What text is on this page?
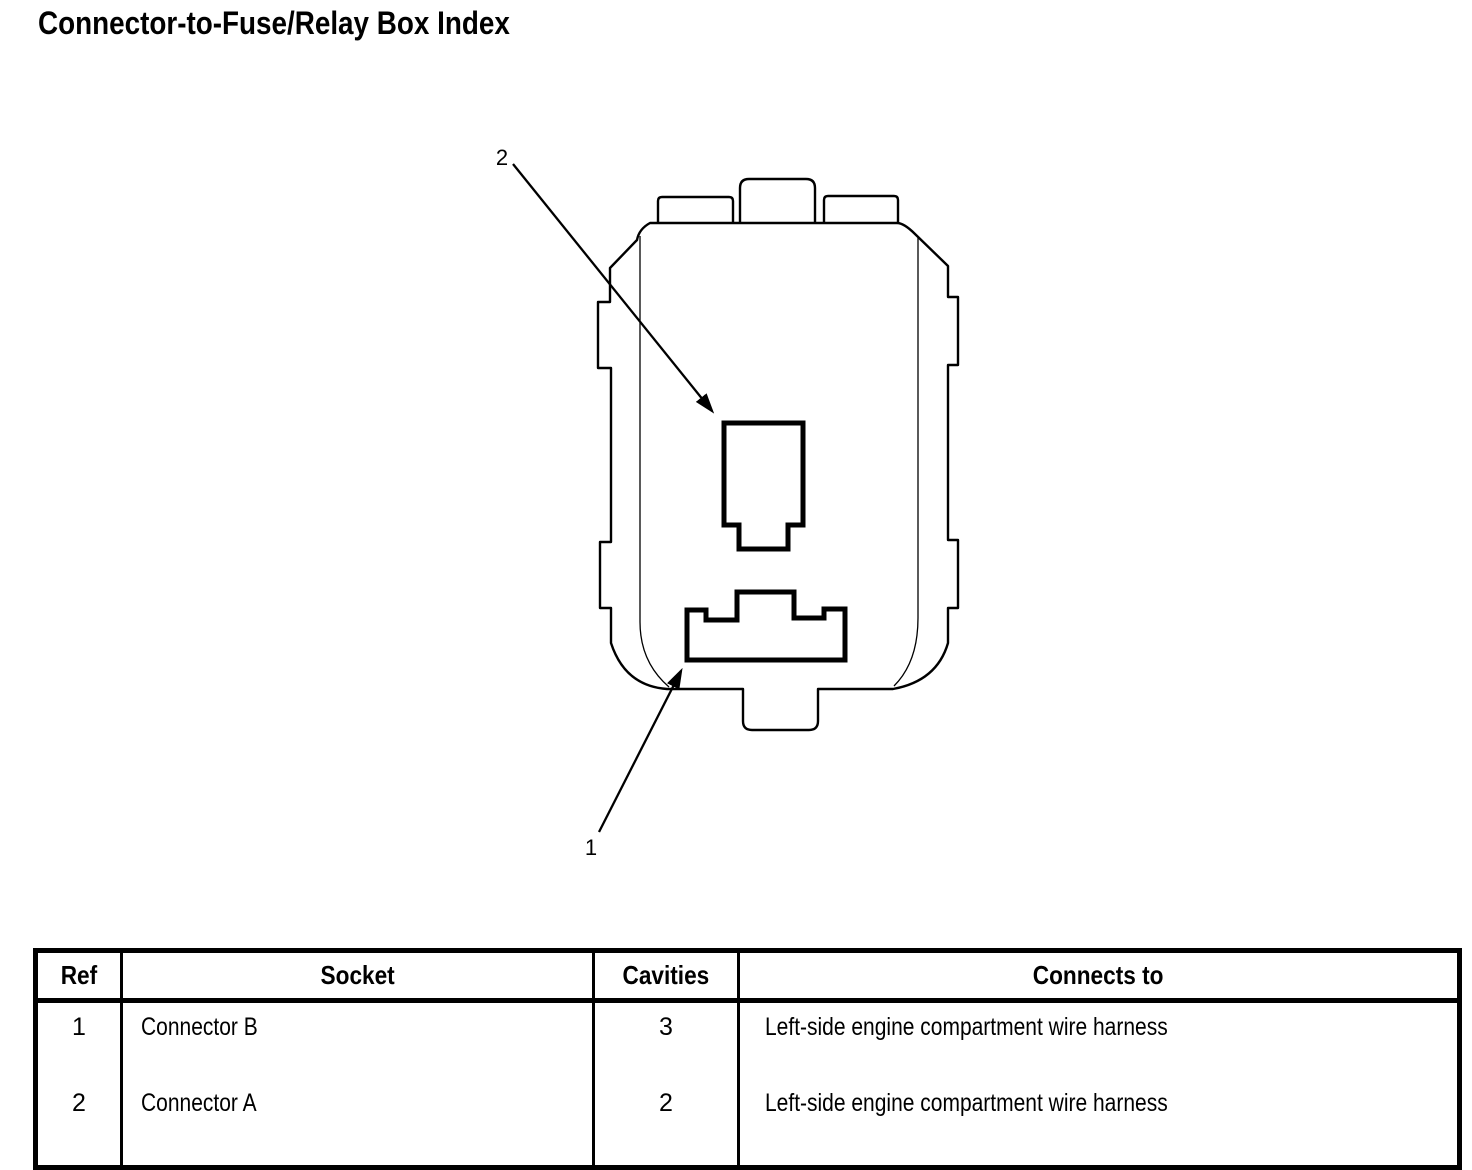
Connector-to-Fuse/Relay Box Index
2
1
Ref	Socket	Cavities	Connects to
1	Connector B	3	Left-side engine compartment wire harness
2	Connector A	2	Left-side engine compartment wire harness
